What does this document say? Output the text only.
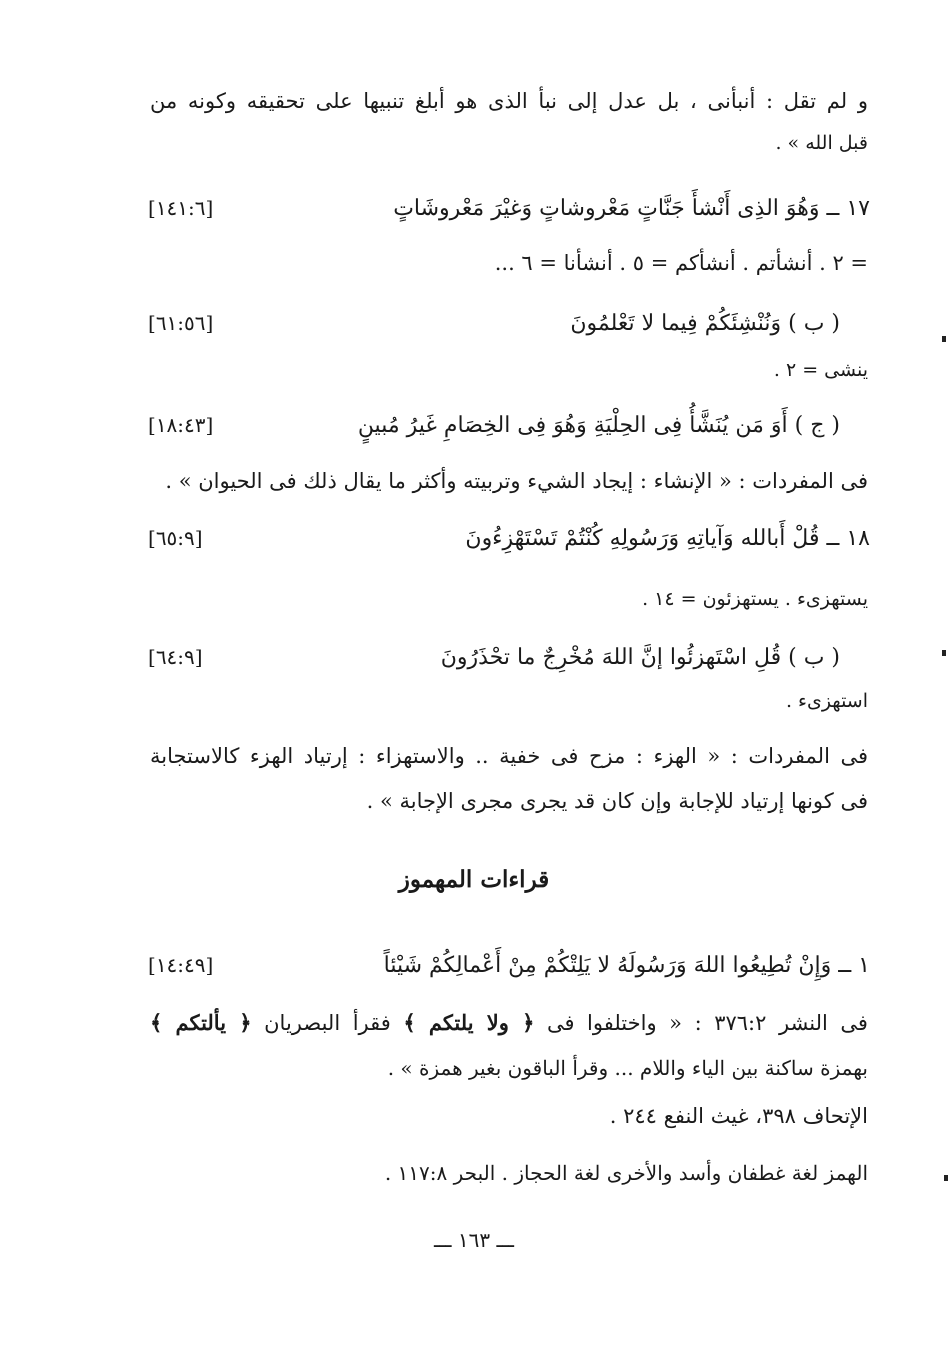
و لم تقل : أنبأنى ، بل عدل إلى نبأ الذى هو أبلغ تنبيها على تحقيقه وكونه من
قبل الله » .
[١٤١:٦]	١٧ ــ وَهُوَ الذِى أَنْشأَ جَنَّاتٍ مَعْروشاتٍ وَغيْرَ مَعْروشَاتٍ
= ٢ . أنشأتم . أنشأكم = ٥ . أنشأنا = ٦ ...
[٦١:٥٦]	( ب ) وَنُنْشِئَكُمْ فِيما لا تَعْلمُونَ
ينشى = ٢ .
[١٨:٤٣]	( ج ) أَوَ مَن يُنَشَّأُ فِى الحِلْيَةِ وَهُوَ فِى الخِصَامِ غَيرُ مُبينٍ
فى المفردات : « الإنشاء : إيجاد الشيء وتربيته وأكثر ما يقال ذلك فى الحيوان » .
[٦٥:٩]	١٨ ــ قُلْ أَبالله وَآياتِهِ وَرَسُولِهِ كُنْتُمْ تَسْتَهْزِءُونَ
يستهزىء . يستهزئون = ١٤ .
[٦٤:٩]	( ب ) قُلِ اسْتَهزئُوا إنَّ اللهَ مُخْرِجٌ ما تحْذَرُونَ
استهزىء .
فى المفردات : « الهزء : مزح فى خفية .. والاستهزاء : إرتياد الهزء كالاستجابة
فى كونها إرتياد للإجابة وإن كان قد يجرى مجرى الإجابة » .
قراءات المهموز
[١٤:٤٩]	١ ــ وَإِنْ تُطِيعُوا اللهَ وَرَسُولَهُ لا يَلِتْكُمْ مِنْ أَعْمالِكُمْ شَيْئاً
فى النشر ٣٧٦:٢ : « واختلفوا فى ﴿ ولا يلتكم ﴾ فقرأ البصريان ﴿ يألتكم ﴾
بهمزة ساكنة بين الياء واللام ... وقرأ الباقون بغير همزة » .
الإتحاف ٣٩٨، غيث النفع ٢٤٤ .
الهمز لغة غطفان وأسد والأخرى لغة الحجاز . البحر ١١٧:٨ .
ـــ ١٦٣ ـــ
